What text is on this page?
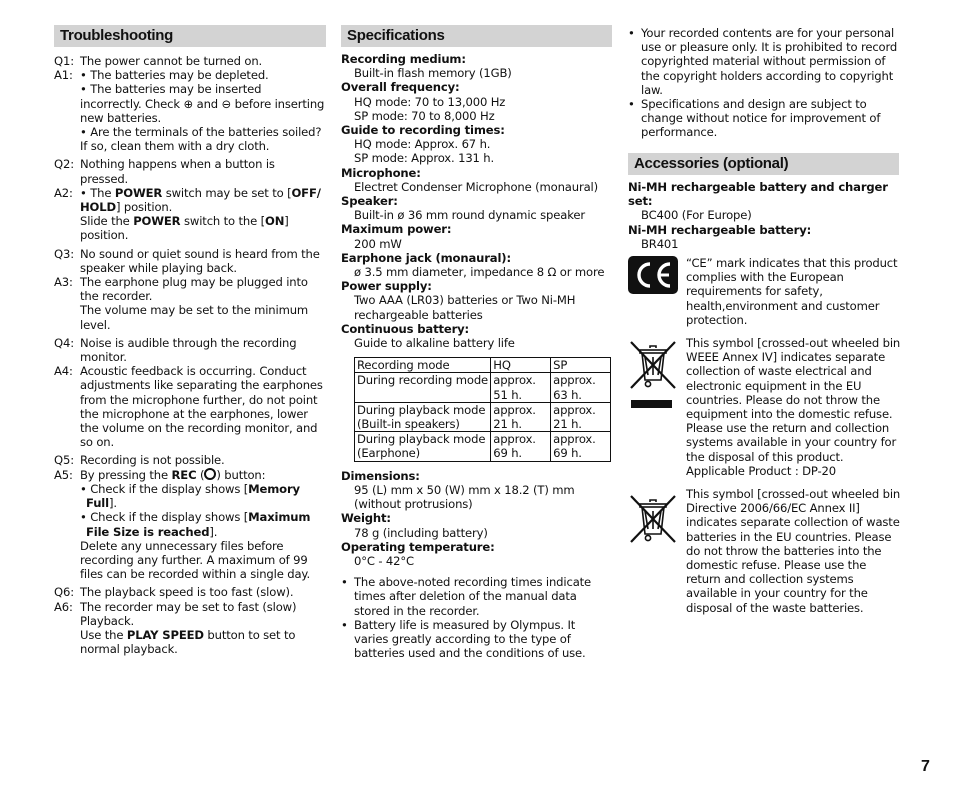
Troubleshooting
Q1: The power cannot be turned on.
A1: • The batteries may be depleted.

• The batteries may be inserted incorrectly. Check ⊕ and ⊖ before inserting new batteries.

• Are the terminals of the batteries soiled? If so, clean them with a dry cloth.

Q2: Nothing happens when a button is pressed.
A2: • The POWER switch may be set to [OFF/ HOLD] position.

Slide the POWER switch to the [ON] position.

Q3: No sound or quiet sound is heard from the speaker while playing back.
A3: The earphone plug may be plugged into the recorder.

The volume may be set to the minimum level.

Q4: Noise is audible through the recording monitor.
A4: Acoustic feedback is occurring. Conduct adjustments like separating the earphones from the microphone further, do not point the microphone at the earphones, lower the volume on the recording monitor, and so on.
Q5: Recording is not possible.
A5: By pressing the REC ( ) button:

• Check if the display shows [Memory Full].

• Check if the display shows [Maximum File Size is reached].

Delete any unnecessary files before recording any further. A maximum of 99 files can be recorded within a single day.

Q6: The playback speed is too fast (slow).
A6: The recorder may be set to fast (slow) Playback.

Use the PLAY SPEED button to set to normal playback.

Specifications
Recording medium:
Built-in flash memory (1GB)
Overall frequency:
HQ mode: 70 to 13,000 Hz
SP mode: 70 to 8,000 Hz
Guide to recording times:
HQ mode: Approx. 67 h.
SP mode: Approx. 131 h.
Microphone:
Electret Condenser Microphone (monaural)
Speaker:
Built-in ø 36 mm round dynamic speaker
Maximum power:
200 mW
Earphone jack (monaural):
ø 3.5 mm diameter, impedance 8 Ω or more
Power supply:
Two AAA (LR03) batteries or Two Ni-MH rechargeable batteries
Continuous battery:
Guide to alkaline battery life
Recording mode	HQ	SP
During recording mode	approx. 51 h.	approx. 63 h.
During playback mode (Built-in speakers)	approx. 21 h.	approx. 21 h.
During playback mode (Earphone)	approx. 69 h.	approx. 69 h.
Dimensions:
95 (L) mm x 50 (W) mm x 18.2 (T) mm (without protrusions)
Weight:
78 g (including battery)
Operating temperature:
0°C - 42°C
• The above-noted recording times indicate times after deletion of the manual data stored in the recorder.
• Battery life is measured by Olympus. It varies greatly according to the type of batteries used and the conditions of use.
• Your recorded contents are for your personal use or pleasure only. It is prohibited to record copyrighted material without permission of the copyright holders according to copyright law.
• Specifications and design are subject to change without notice for improvement of performance.
Accessories (optional)
Ni-MH rechargeable battery and charger set:
BC400 (For Europe)
Ni-MH rechargeable battery:
BR401
“CE” mark indicates that this product complies with the European requirements for safety, health,environment and customer protection.
This symbol [crossed-out wheeled bin WEEE Annex IV] indicates separate collection of waste electrical and electronic equipment in the EU countries. Please do not throw the equipment into the domestic refuse. Please use the return and collection systems available in your country for the disposal of this product.
Applicable Product : DP-20
This symbol [crossed-out wheeled bin Directive 2006/66/EC Annex II] indicates separate collection of waste batteries in the EU countries. Please do not throw the batteries into the domestic refuse. Please use the return and collection systems available in your country for the disposal of the waste batteries.
7
